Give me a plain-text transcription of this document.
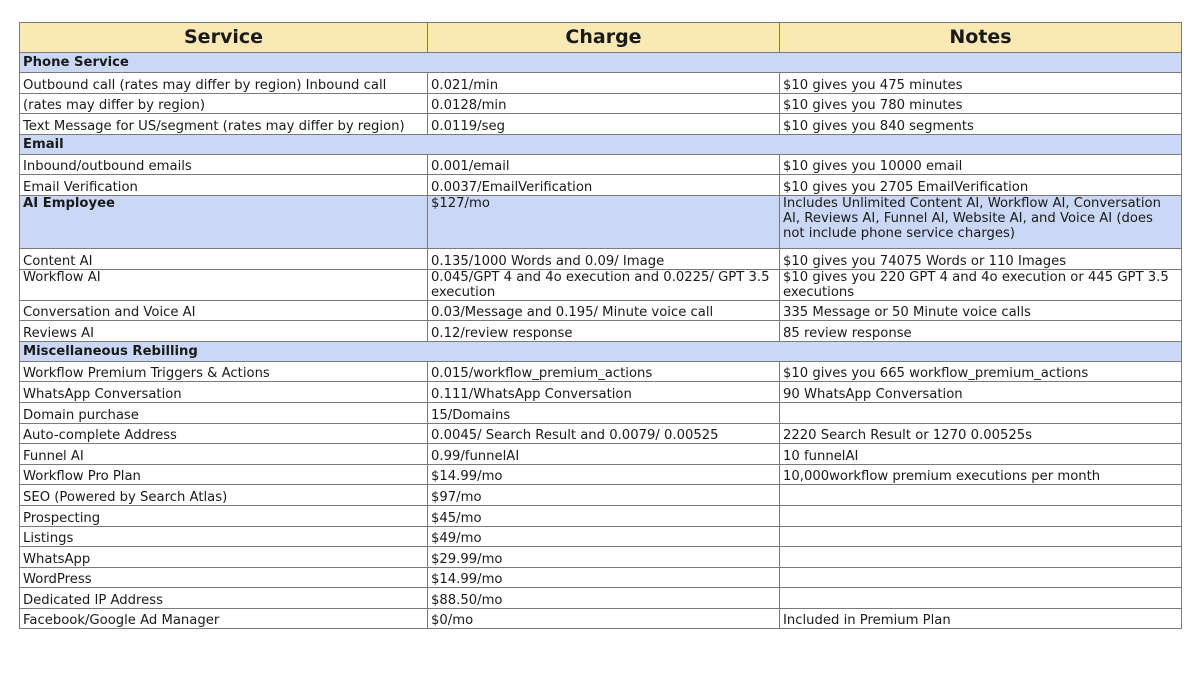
Service	Charge	Notes
Phone Service		
Outbound call (rates may differ by region) Inbound call	0.021/min	$10 gives you 475 minutes
(rates may differ by region)	0.0128/min	$10 gives you 780 minutes
Text Message for US/segment (rates may differ by region)	0.0119/seg	$10 gives you 840 segments
Email		
Inbound/outbound emails	0.001/email	$10 gives you 10000 email
Email Verification	0.0037/EmailVerification	$10 gives you 2705 EmailVerification
AI Employee	$127/mo	Includes Unlimited Content AI, Workflow AI, Conversation AI, Reviews AI, Funnel AI, Website AI, and Voice AI (does not include phone service charges)
Content AI	0.135/1000 Words and 0.09/ Image	$10 gives you 74075 Words or 110 Images
Workflow AI	0.045/GPT 4 and 4o execution and 0.0225/ GPT 3.5 execution	$10 gives you 220 GPT 4 and 4o execution or 445 GPT 3.5 executions
Conversation and Voice AI	0.03/Message and 0.195/ Minute voice call	335 Message or 50 Minute voice calls
Reviews AI	0.12/review response	85 review response
Miscellaneous Rebilling		
Workflow Premium Triggers & Actions	0.015/workflow_premium_actions	$10 gives you 665 workflow_premium_actions
WhatsApp Conversation	0.111/WhatsApp Conversation	90 WhatsApp Conversation
Domain purchase	15/Domains	
Auto-complete Address	0.0045/ Search Result and 0.0079/ 0.00525	2220 Search Result or 1270 0.00525s
Funnel AI	0.99/funnelAI	10 funnelAI
Workflow Pro Plan	$14.99/mo	10,000workflow premium executions per month
SEO (Powered by Search Atlas)	$97/mo	
Prospecting	$45/mo	
Listings	$49/mo	
WhatsApp	$29.99/mo	
WordPress	$14.99/mo	
Dedicated IP Address	$88.50/mo	
Facebook/Google Ad Manager	$0/mo	Included in Premium Plan
